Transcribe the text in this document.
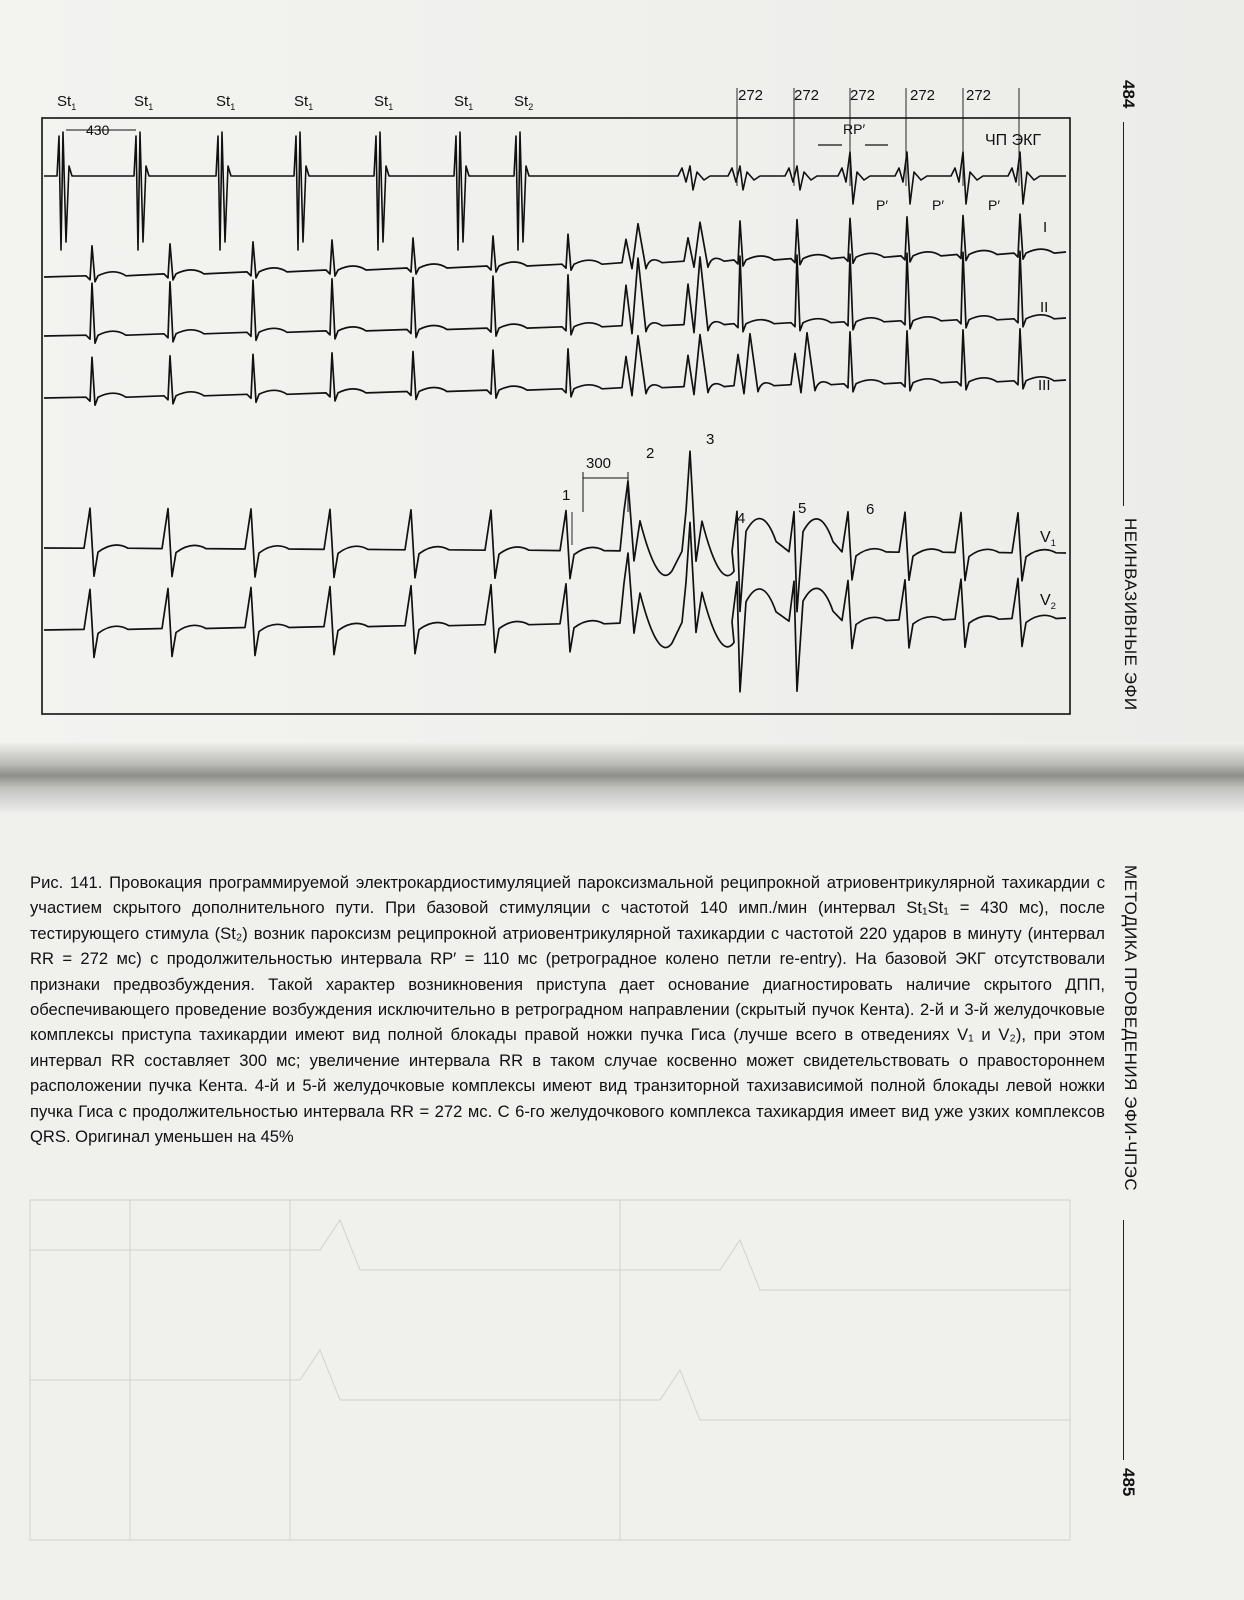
$St_1$	$St_1$	$St_1$	$St_1$	$St_1$	$St_1$	$St_2$
430
272 272 272 272 272
RP′
ЧП ЭКГ
P′	P′	P′
I
II
III
$V_1$
$V_2$
300
1
2
3
4
5	6
484
НЕИНВАЗИВНЫЕ ЭФИ
МЕТОДИКА ПРОВЕДЕНИЯ ЭФИ-ЧПЭС
485

Рис. 141. Провокация программируемой электрокардиостимуляцией пароксизмальной реципрокной атриовентрикулярной тахикардии с участием скрытого дополнительного пути. При базовой стимуляции с частотой 140 имп./мин (интервал St₁St₁ = 430 мс), после тестирующего стимула (St₂) возник пароксизм реципрокной атриовентрикулярной тахикардии с частотой 220 ударов в минуту (интервал RR = 272 мс) с продолжительностью интервала RP′ = 110 мс (ретроградное колено петли re-entry). На базовой ЭКГ отсутствовали признаки предвозбуждения. Такой характер возникновения приступа дает основание диагностировать наличие скрытого ДПП, обеспечивающего проведение возбуждения исключительно в ретроградном направлении (скрытый пучок Кента). 2-й и 3-й желудочковые комплексы приступа тахикардии имеют вид полной блокады правой ножки пучка Гиса (лучше всего в отведениях V₁ и V₂), при этом интервал RR составляет 300 мс; увеличение интервала RR в таком случае косвенно может свидетельствовать о правостороннем расположении пучка Кента. 4-й и 5-й желудочковые комплексы имеют вид транзиторной тахизависимой полной блокады левой ножки пучка Гиса с продолжительностью интервала RR = 272 мс. С 6-го желудочкового комплекса тахикардия имеет вид уже узких комплексов QRS. Оригинал уменьшен на 45%
